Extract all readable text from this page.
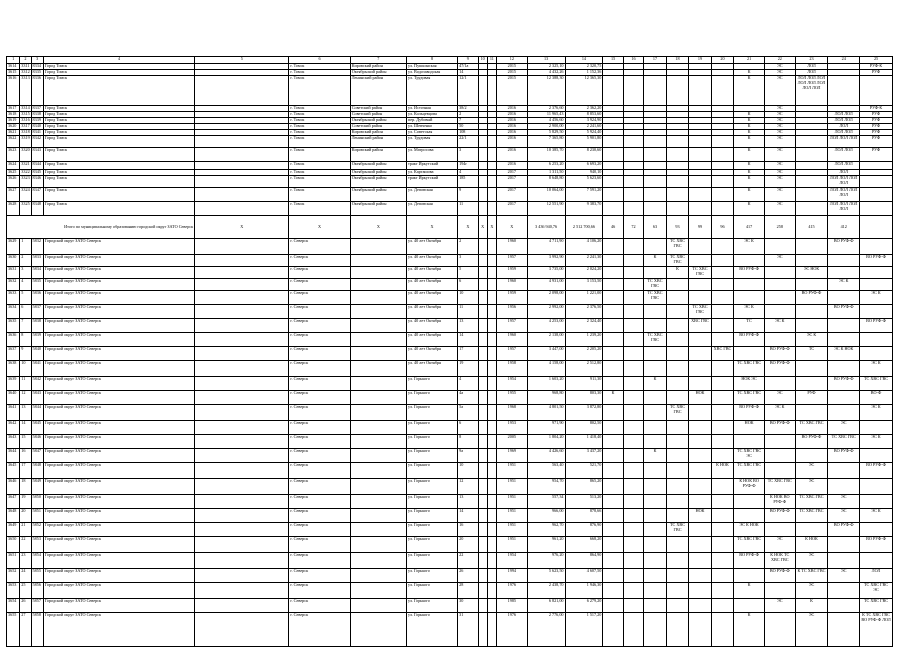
1	2	3	4	5	6	7	8	9	10	11	12	13	14	15	16	17	18	19	20	21	22	23	24	25
3614	3311	8334	Город Томск		г. Томск	Кировский район	ул. Пушкинская	47/1а			2015	2 325,10	2 320,75								ЭС	ЛОЛ		РУФ-К
3615	3312	8335	Город Томск		г. Томск	Октябрьский район	ул. Водозаводская	14			2015	4 432,26	1 152,36							К	ЭС	ЛОЛ		РУФ
3616	3313	8336	Город Томск		г. Томск	Ленинский район	ул. Трудовая	12/1			2015	12 388,30	12 365,30							К	ЭС	ЛОЛ ЛОЛ ЛОЛ ЛОЛ ЛОЛ ЛОЛ ЛОЛ ЛОЛ		
3617	3314	8337	Город Томск		г. Томск	Советский район	ул. Источная	38/2			2016	2 376,60	2 362,20								ЭС			РУФ-К
3618	3315	8338	Город Томск		г. Томск	Советский район	ул. Кольцевцова	2			2016	11 965,43	8 853,60							К	ЭС		ЛОЛ ЛОЛ	РУФ
3619	3316	8339	Город Томск		г. Томск	Октябрьский район	пер. Дубовый	7			2016	4 456,60	3 924,90							К	ЭС		ЛОЛ ЛОЛ	РУФ
3620	3317	8340	Город Томск		г. Томск	Советский район	ул. Шевченко	50			2016	2 900,00	2 241,60							К	ЭС		ЛОЛ	РУФ
3621	3318	8341	Город Томск		г. Томск	Кировский район	ул. Советская	108			2016	5 829,50	5 924,40							К	ЭС		ЛОЛ ЛОЛ	РУФ
3622	3319	8342	Город Томск		г. Томск	Ленинский район	ул. Трудовая	22/1			2016	7 365,80	5 901,80							К	ЭС		ЛОЛ ЛОЛ ЛОЛ	РУФ
3623	3320	8343	Город Томск		г. Томск	Кировский район	ул. Матросова	3			2016	10 385,70	8 230,60							К	ЭС		ЛОЛ ЛОЛ	РУФ
3624	3321	8344	Город Томск		г. Томск	Октябрьский район	тракт Иркутский	194г			2016	6 253,20	6 693,20							К	ЭС		ЛОЛ ЛОЛ	
3625	3322	8345	Город Томск		г. Томск	Октябрьский район	ул. Карташова	4			2017	1 311,50	940,10							К	ЭС		ЛОЛ	
3626	3323	8346	Город Томск		г. Томск	Октябрьский район	тракт Иркутский	185			2017	8 648,80	5 623,60							К	ЭС		ЛОЛ ЛОЛ ЛОЛ ЛОЛ	
3627	3324	8347	Город Томск		г. Томск	Октябрьский район	ул. Деповская	9			2017	10 064,00	7 591,20							К	ЭС		ЛОЛ ЛОЛ ЛОЛ ЛОЛ	
3628	3325	8348	Город Томск		г. Томск	Октябрьский район	ул. Деповская	11			2017	12 551,90	9 383,70							К	ЭС		ЛОЛ ЛОЛ ЛОЛ ЛОЛ	
Итого по муниципальному образованию городской округ ЗАТО Северск				X	X	X	X	X	X	X	X	3 436 940,76	2 512 700,66	46	72	63	93	99	96	417	258	415	412	
3629	1	5832	Городской округ ЗАТО Северск		г. Северск		ул. 40 лет Октября	2			1960	4 711,90	4 106,20				ТС ХВС ГВС			ЭС К			ВО РУФ-Ф	
3630	2	5833	Городской округ ЗАТО Северск		г. Северск		ул. 40 лет Октября	3			1957	3 992,90	2 241,30			К	ТС ХВС ГВС				ЭС			ВО РУФ-Ф
3631	3	5834	Городской округ ЗАТО Северск		г. Северск		ул. 40 лет Октября	5			1959	3 735,00	2 024,20				К	ТС ХВС ГВС		ВО РУФ-Ф		ЭС НОК		
3632	4	5835	Городской округ ЗАТО Северск		г. Северск		ул. 40 лет Октября	6			1960	4 931,00	3 153,50			ТС ХВС ГВС							ЭС К	
3633	5	5836	Городской округ ЗАТО Северск		г. Северск		ул. 40 лет Октября	10			1959	2 098,00	1 221,00			ТС ХВС ГВС						ВО РУФ-Ф		ЭС К
3634	6	5837	Городской округ ЗАТО Северск		г. Северск		ул. 40 лет Октября	11			1956	2 992,00	2 376,50					ТС ХВС ГВС		ЭС К			ВО РУФ-Ф	
3635	7	5838	Городской округ ЗАТО Северск		г. Северск		ул. 40 лет Октября	13			1957	4 253,00	2 324,40					ХВС ГВС		ТС	ЭС К			ВО РУФ-Ф
3636	8	5839	Городской округ ЗАТО Северск		г. Северск		ул. 40 лет Октября	14			1960	2 138,00	1 239,20			ТС ХВС ГВС				ВО РУФ-Ф		ЭС К		
3637	9	5840	Городской округ ЗАТО Северск		г. Северск		ул. 40 лет Октября	17			1957	3 447,00	2 205,20						ХВС ГВС		ВО РУФ-Ф	ТС	ЭС К НОК	
3638	10	5841	Городской округ ЗАТО Северск		г. Северск		ул. 40 лет Октября	19			1958	4 158,00	2 512,80							ТС ХВС ГВС	ВО РУФ-Ф			ЭС К
3639	11	5842	Городской округ ЗАТО Северск		г. Северск		ул. Горького	4			1954	1 603,20	911,30			К				НОК ЭС			ВО РУФ-Ф	ТС ХВС ГВС
3640	12	5843	Городской округ ЗАТО Северск		г. Северск		ул. Горького	4а			1955	968,80	803,30	К				НОК		ТС ХВС ГВС	ЭС	РУФ		ВО-Ф
3641	13	5844	Городской округ ЗАТО Северск		г. Северск		ул. Горького	5а			1968	4 801,50	3 872,80				ТС ХВС ГВС			ВО РУФ-Ф	ЭС К			ЭС К
3642	14	5845	Городской округ ЗАТО Северск		г. Северск		ул. Горького	6			1953	971,90	802,50							НОК	ВО РУФ-Ф	ТС ХВС ГВС	ЭС	
3643	15	5846	Городской округ ЗАТО Северск		г. Северск		ул. Горького	8			2005	1 804,20	1 418,40									ВО РУФ-Ф	ТС ХВС ГВС	ЭС К
3644	16	5847	Городской округ ЗАТО Северск		г. Северск		ул. Горького	9а			1969	4 426,60	3 437,20			К				ТС ХВС ГВС ЭС			ВО РУФ-Ф	
3645	17	5848	Городской округ ЗАТО Северск		г. Северск		ул. Горького	10			1951	563,40	521,70						К НОК	ТС ХВС ГВС		ЭС		ВО РУФ-Ф
3646	18	5849	Городской округ ЗАТО Северск		г. Северск		ул. Горького	12			1951	954,70	865,20							К НОК ВО РУФ-Ф	ТС ХВС ГВС	ЭС		
3647	19	5850	Городской округ ЗАТО Северск		г. Северск		ул. Горького	13			1951	557,34	513,20								К НОК ВО РУФ-Ф	ТС ХВС ГВС	ЭС	
3648	20	5851	Городской округ ЗАТО Северск		г. Северск		ул. Горького	14			1951	966,00	878,66					НОК			ВО РУФ-Ф	ТС ХВС ГВС	ЭС	ЭС К
3649	21	5852	Городской округ ЗАТО Северск		г. Северск		ул. Горького	16			1951	962,70	876,90				ТС ХВС ГВС			ЭС К НОК			ВО РУФ-Ф	
3650	22	5853	Городской округ ЗАТО Северск		г. Северск		ул. Горького	20			1951	961,20	668,20							ТС ХВС ГВС	ЭС	К НОК		ВО РУФ-Ф
3651	23	5854	Городской округ ЗАТО Северск		г. Северск		ул. Горького	22			1954	976,20	864,90							ВО РУФ-Ф	К НОК ТС ХВС ГВС	ЭС		
3652	24	5855	Городской округ ЗАТО Северск		г. Северск		ул. Горького	26			1994	5 623,50	4 607,50								ВО РУФ-Ф	К ТС ХВС ГВС	ЭС	ЛОЛ
3653	25	5856	Городской округ ЗАТО Северск		г. Северск		ул. Горького	28			1976	2 438,70	1 946,30							К		ЭС		ТС ХВС ГВС ЭС
3654	26	5857	Городской округ ЗАТО Северск		г. Северск		ул. Горького	30			1985	6 821,00	6 279,20								ЭС	К		ТС ХВС ГВС
3655	27	5858	Городской округ ЗАТО Северск		г. Северск		ул. Горького	31			1976	2 776,00	1 517,20							К		ЭС		К ТС ХВС ГВС ВО РУФ-Ф ЛОЛ
